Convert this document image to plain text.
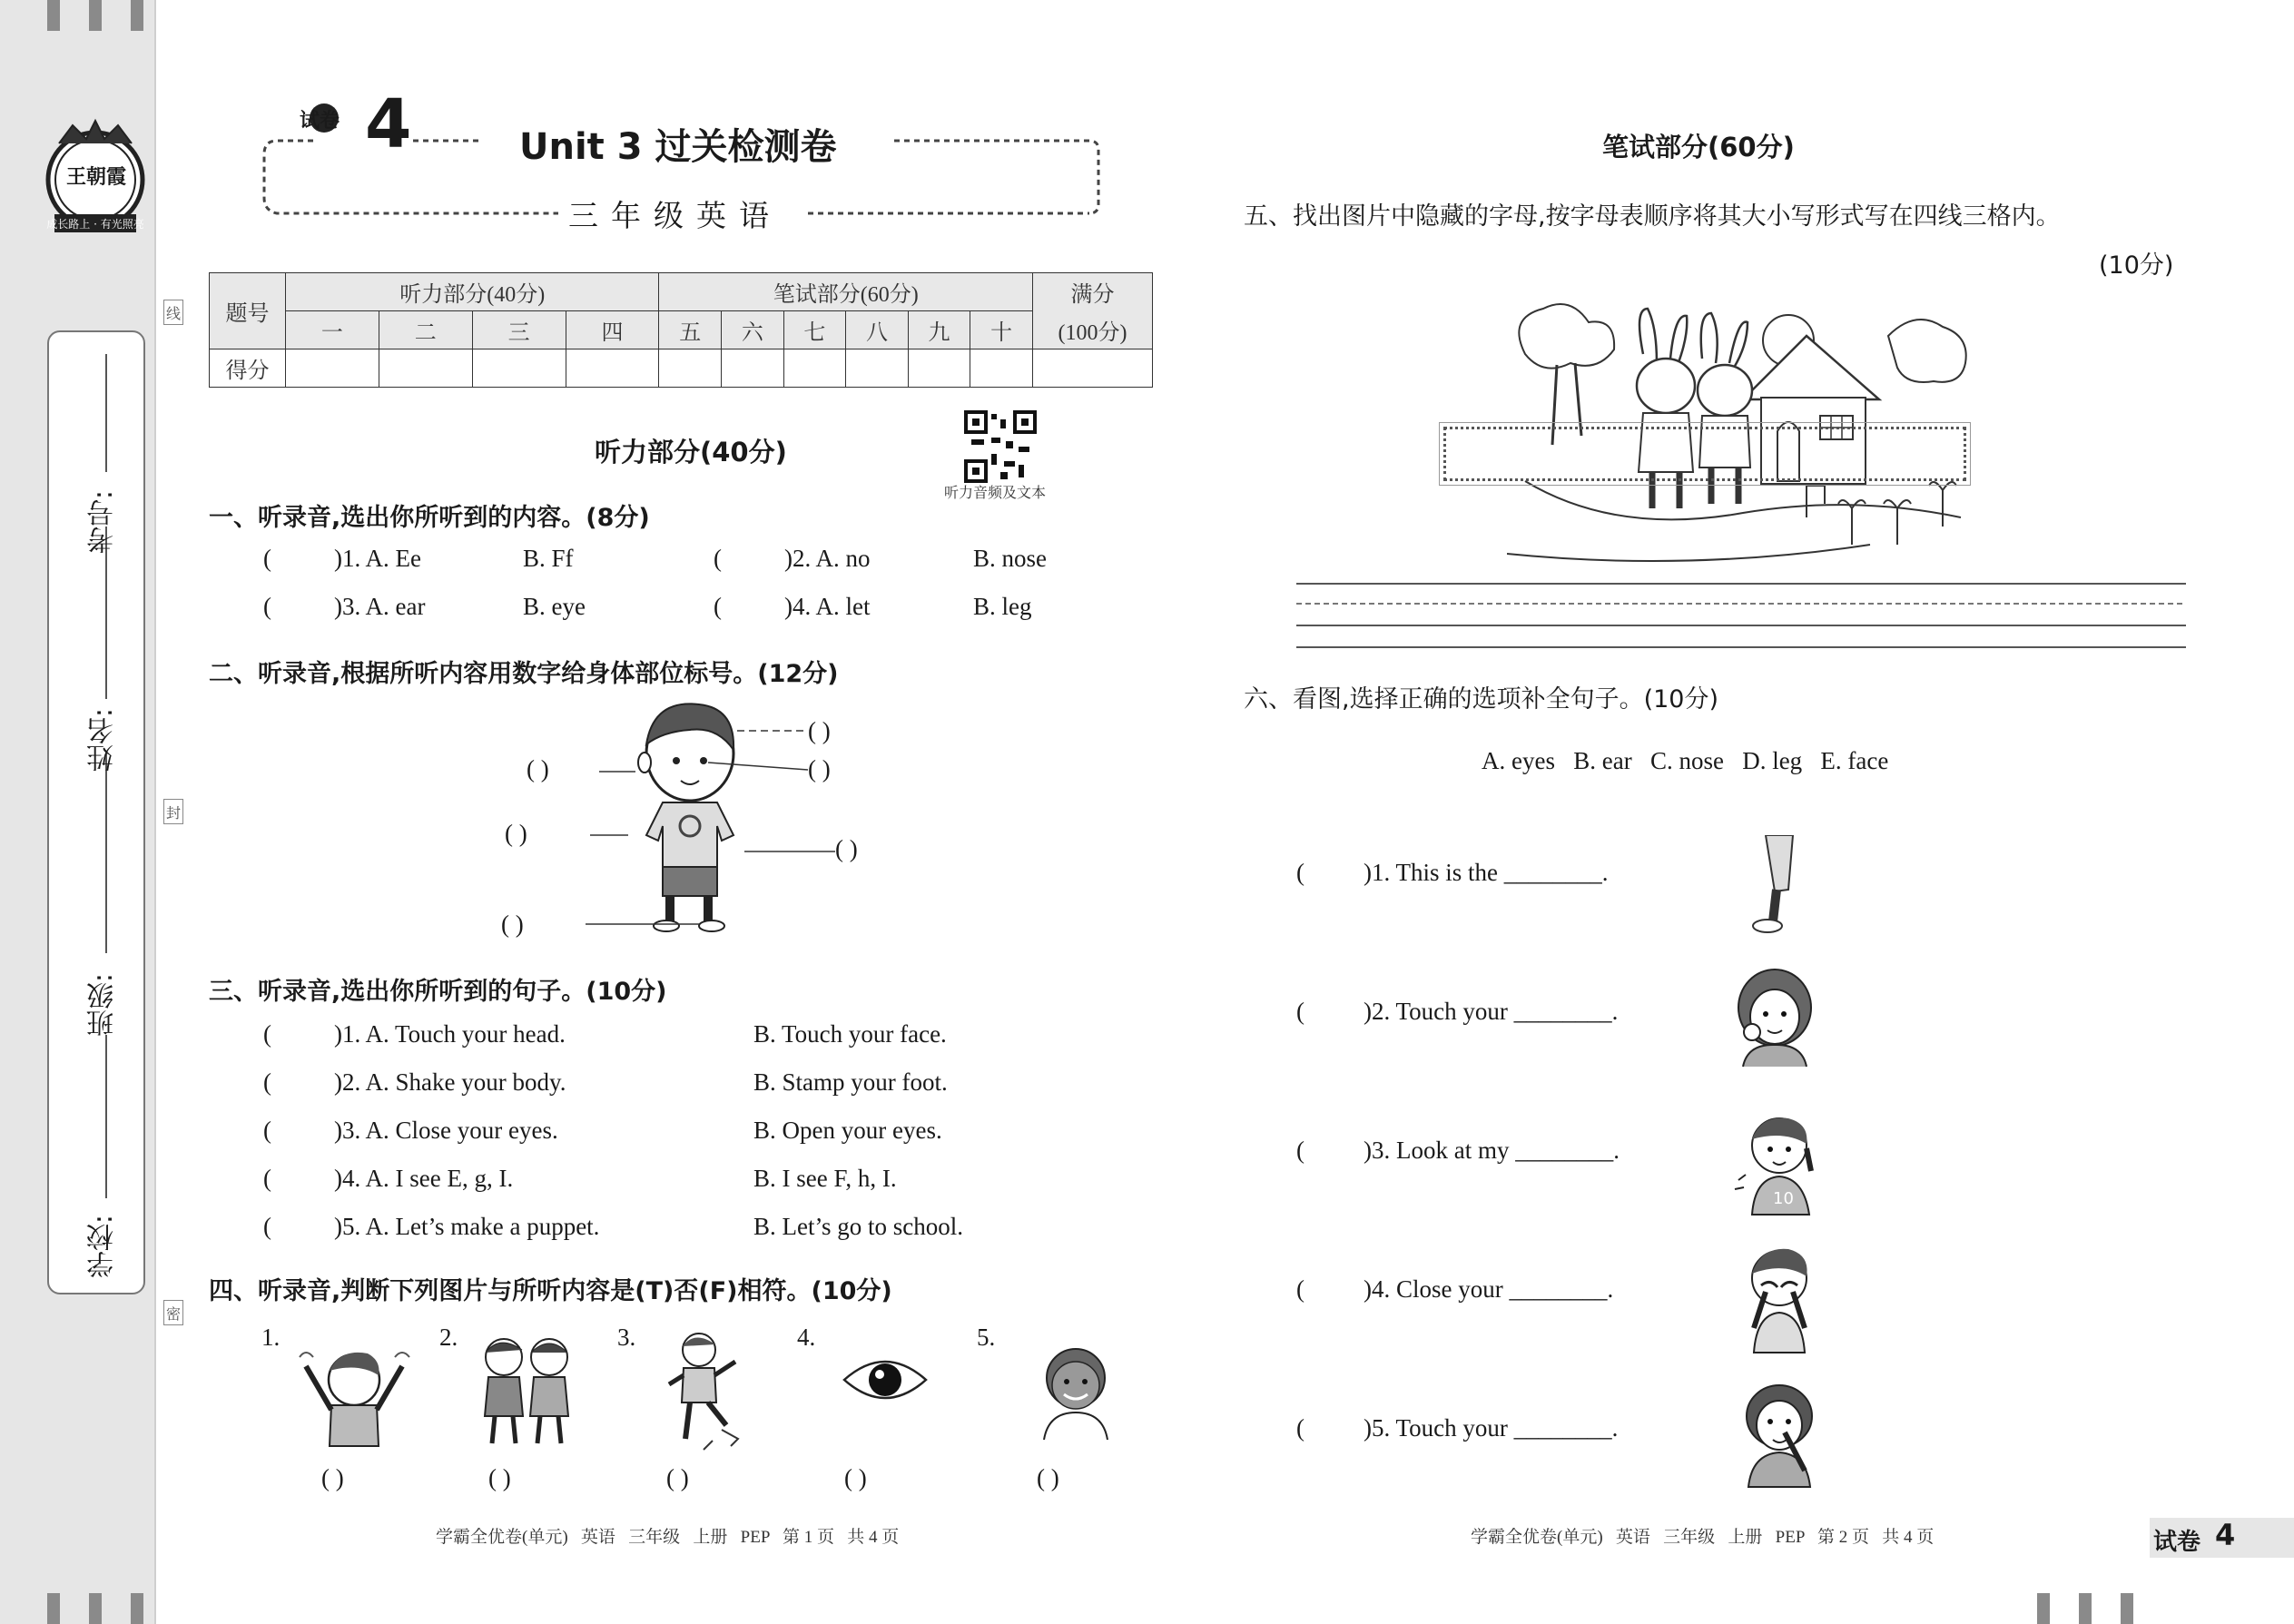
成长路上 · 有光照亮
王朝霞
线
封
密
学校:
班级:
姓名:
考号:
试卷 4	Unit 3 过关检测卷
三年级英语
题号	听力部分(40分)				笔试部分(60分)						满分
	一	二	三	四	五	六	七	八	九	十	(100分)
得分											
听力部分(40分)
听力音频及文本
一、听录音,选出你所听到的内容。(8分)
(	)1. A. Ee	B. Ff	(	)2. A. no	B. nose
(	)3. A. ear	B. eye	(	)4. A. let	B. leg
二、听录音,根据所听内容用数字给身体部位标号。(12分)
( )
( )	( )
( )
( )
( )
三、听录音,选出你所听到的句子。(10分)
(	)1. A. Touch your head.	B. Touch your face.
(	)2. A. Shake your body.	B. Stamp your foot.
(	)3. A. Close your eyes.	B. Open your eyes.
(	)4. A. I see E, g, I.	B. I see F, h, I.
(	)5. A. Let’s make a puppet.	B. Let’s go to school.
四、听录音,判断下列图片与所听内容是(T)否(F)相符。(10分)
1.	2.	3.	4.	5.
( )	( )	( )	( )	( )
学霸全优卷(单元)   英语   三年级   上册   PEP   第 1 页   共 4 页
笔试部分(60分)
五、找出图片中隐藏的字母,按字母表顺序将其大小写形式写在四线三格内。
(10分)
六、看图,选择正确的选项补全句子。(10分)
A. eyes   B. ear   C. nose   D. leg   E. face
( )1. This is the ________.
( )2. Touch your ________.
( )3. Look at my ________.
( )4. Close your ________.
( )5. Touch your ________.
10
学霸全优卷(单元)   英语   三年级   上册   PEP   第 2 页   共 4 页	试卷 4
